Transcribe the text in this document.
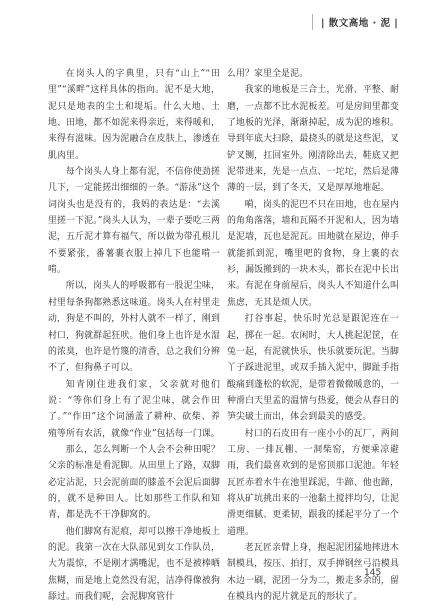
| 散文高地 · 泥 |

在岗头人的字典里，只有“山上”“田里”“溪畔”这样具体的指向。泥不是大地，泥只是地表的尘土和堤垢。什么大地、土地、田地，都不如泥来得亲近，来得暖和，来得有滋味。因为泥融合在皮肤上，渗透在肌肉里。

每个岗头人身上都有泥，不信你使劲搓几下，一定能搓出细细的一条。“游泳”这个词岗头也是没有的，我妈的表达是：“去溪里搓一下泥。”岗头人认为，一辈子要吃三两泥，五斤泥才算有福气，所以做为带孔根儿不要紧张，番薯裹衣服上掉几下也能啃一啃。

所以，岗头人的呼吸都有一股泥尘味，村里每条狗都熟悉这味道。岗头人在村里走动，狗是不叫的，外村人就不一样了，刚到村口，狗就群起狂吠。他们身上也许是水湿的浓臭，也许是竹篾的清香，总之我们分辨不了，但狗鼻子可以。

知青刚住进我们家，父亲就对他们说：“等你们身上有了泥尘味，就会作田了。”“作田”这个词涵盖了耕种、砍柴、养殖等所有农活，就像“作业”包括每一门课。

那么，怎么判断一个人会不会种田呢？父亲的标准是看泥脚。从田里上了路，双脚必定沾泥，只会泥前面的膝盖不会泥后面脚的，就不是种田人。比如那些工作队和知青，都是洗不干净脚窝的。

他们脚窝有泥痕，却可以擦干净地板上的泥。我第一次在大队部见到女工作队员，大为震惊，不是刚才满嘴泥，也不是被棒晒焦糊，而是地上竟然没有泥，洁净得像被狗舔过。而我们呢，会泥脚窝管什

么用？家里全是泥。

我家的地板是三合土，光滑、平整、耐磨，一点都不比水泥板差。可是房间里都变了地板的光泽，渐渐掉起，成为泥的堆积。导到年底大扫除，最挠头的就是这些泥，叉铲叉铡，扛回室外。刚清除出去，鞋底又把泥带进来，先是一点点、一坨坨，然后是薄薄的一层，到了冬天，又是厚厚地堆起。

嗬，岗头的泥巴不只在田地，也在屋内的角角落落，墙和瓦隔不开泥和人，因为墙是泥墙，瓦也是泥瓦。田地就在屋边，伸手就能抓到泥，嘴里吧的食物，身上裹的衣衫，漏饭搬到的一块木头，都长在泥中长出来。有泥在身前屋后，岗头人不知道什么叫焦虑，无其是烦人厌。

打谷事起，快乐时光总是跟泥连在一起，掷在一起。农闲时，大人挑起泥筐，在兔一起，有泥就快乐，快乐就要玩泥。当脚丫子踩进泥里，或双手插入泥中，脚趾手指酸痛到蓬松的软泥，是带着微微暖意的，一种滑白天里孟的温情与热爱，便会从春日的笋尖破土而出，体会到最美的感受。

村口的石皮田有一座小小的瓦厂，两间工房、一排瓦棚、一洞柴窑，方便乘凉避雨，我们最喜欢到的是窑顶那口泥池。年轻瓦匠赤着水牛在池里踩泥，牛蹄、他也蹄，将从矿坑挑出来的一池黏土搅拌均匀，让泥滑更细腻、更柔韧，跟我的揉起平分了一个道理。

老瓦匠亲臂上身，抱起泥团猛地摔进木制模具，按压、拍打，双手掸钢丝弓沿模具木边一刷，泥团一分为二，搬走多余的，留在模具内的泥片就是瓦的形状了。

145
